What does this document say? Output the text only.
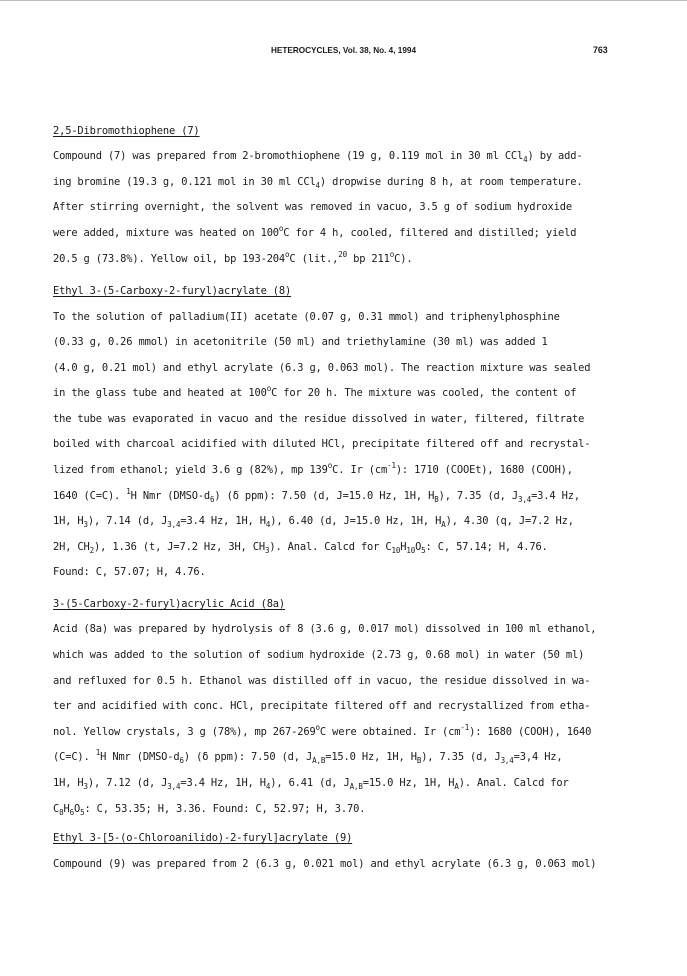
HETEROCYCLES, Vol. 38, No. 4, 1994	763
2,5-Dibromothiophene (7)
Compound (7) was prepared from 2-bromothiophene (19 g, 0.119 mol in 30 ml CCl$_4$) by add-
ing bromine (19.3 g, 0.121 mol in 30 ml CCl$_4$) dropwise during 8 h, at room temperature.
After stirring overnight, the solvent was removed in vacuo, 3.5 g of sodium hydroxide
were added, mixture was heated on 100$^o$C for 4 h, cooled, filtered and distilled; yield
20.5 g (73.8%). Yellow oil, bp 193-204$^o$C (lit.,$^{20}$ bp 211$^o$C).
Ethyl 3-(5-Carboxy-2-furyl)acrylate (8)
To the solution of palladium(II) acetate (0.07 g, 0.31 mmol) and triphenylphosphine
(0.33 g, 0.26 mmol) in acetonitrile (50 ml) and triethylamine (30 ml) was added 1
(4.0 g, 0.21 mol) and ethyl acrylate (6.3 g, 0.063 mol). The reaction mixture was sealed
in the glass tube and heated at 100$^o$C for 20 h. The mixture was cooled, the content of
the tube was evaporated in vacuo and the residue dissolved in water, filtered, filtrate
boiled with charcoal acidified with diluted HCl, precipitate filtered off and recrystal-
lized from ethanol; yield 3.6 g (82%), mp 139$^o$C. Ir $(cm^{-1})$: 1710 (COOEt), 1680 (COOH),
1640 (C=C). $^1$H Nmr $(DMSO-d_6)$ (δ ppm): 7.50 (d, J=15.0 Hz, 1H, $H_B$), 7.35 (d, $J_{3,4}=3.4$ Hz,
1H, $H_3$), 7.14 (d, $J_{3,4}=3.4$ Hz, 1H, $H_4$), 6.40 (d, J=15.0 Hz, 1H, $H_A$), 4.30 (q, J=7.2 Hz,
2H, $CH_2$), 1.36 (t, J=7.2 Hz, 3H, $CH_3$). Anal. Calcd for $C_{10}H_{10}O_5$: C, 57.14; H, 4.76.
Found: C, 57.07; H, 4.76.
3-(5-Carboxy-2-furyl)acrylic Acid (8a)
Acid (8a) was prepared by hydrolysis of 8 (3.6 g, 0.017 mol) dissolved in 100 ml ethanol,
which was added to the solution of sodium hydroxide (2.73 g, 0.68 mol) in water (50 ml)
and refluxed for 0.5 h. Ethanol was distilled off in vacuo, the residue dissolved in wa-
ter and acidified with conc. HCl, precipitate filtered off and recrystallized from etha-
nol. Yellow crystals, 3 g (78%), mp 267-269$^o$C were obtained. Ir $(cm^{-1})$: 1680 (COOH), 1640
(C=C). $^1$H Nmr $(DMSO-d_6)$ (δ ppm): 7.50 (d, $J_{A,B}=15.0$ Hz, 1H, $H_B$), 7.35 (d, $J_{3,4}=3,4$ Hz,
1H, $H_3$), 7.12 (d, $J_{3,4}=3.4$ Hz, 1H, $H_4$), 6.41 (d, $J_{A,B}=15.0$ Hz, 1H, $H_A$). Anal. Calcd for
$C_8H_6O_5$: C, 53.35; H, 3.36. Found: C, 52.97; H, 3.70.
Ethyl 3-[5-(o-Chloroanilido)-2-furyl]acrylate (9)
Compound (9) was prepared from 2 (6.3 g, 0.021 mol) and ethyl acrylate (6.3 g, 0.063 mol)
